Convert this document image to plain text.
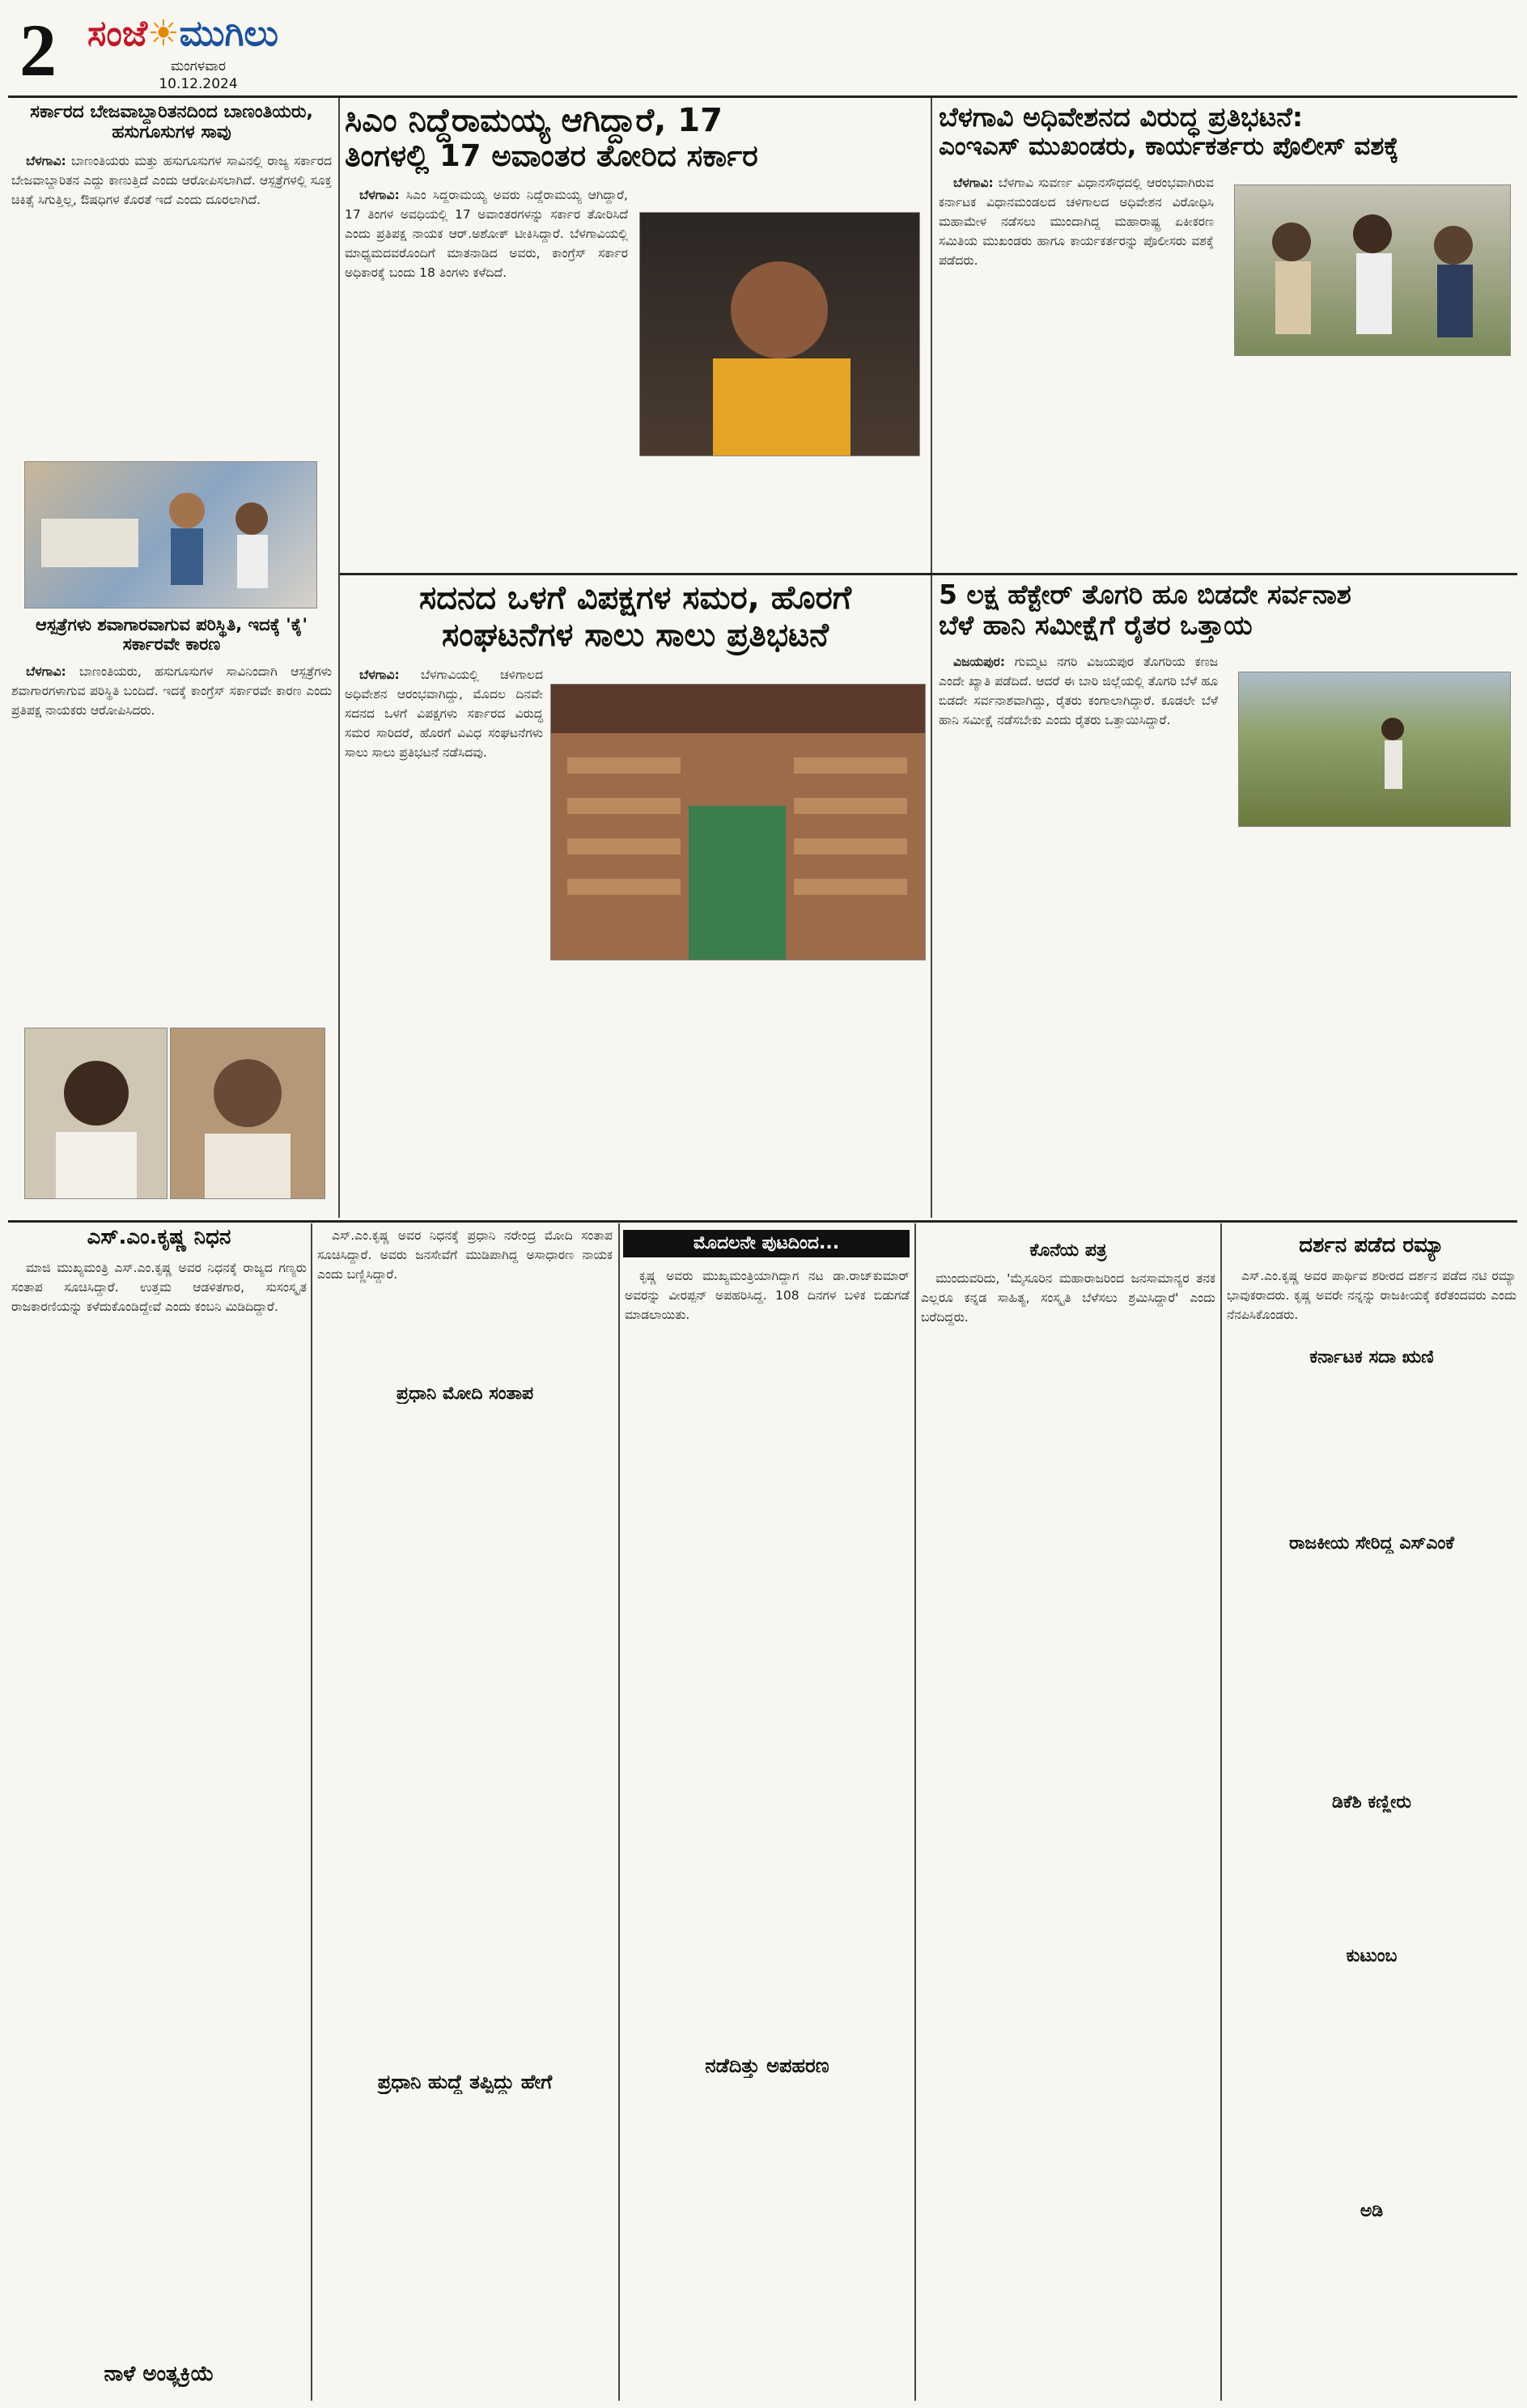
2 ಸಂಜೆ☀ಮುಗಿಲು
ಮಂಗಳವಾರ
10.12.2024
ಸರ್ಕಾರದ ಬೇಜವಾಬ್ದಾರಿತನದಿಂದ ಬಾಣಂತಿಯರು, ಹಸುಗೂಸುಗಳ ಸಾವು

ಬೆಳಗಾವಿ: ಬಾಣಂತಿಯರು ಮತ್ತು ಹಸುಗೂಸುಗಳ ಸಾವಿನಲ್ಲಿ ರಾಜ್ಯ ಸರ್ಕಾರದ ಬೇಜವಾಬ್ದಾರಿತನ ಎದ್ದು ಕಾಣುತ್ತಿದೆ ಎಂದು ಆರೋಪಿಸಲಾಗಿದೆ. ಆಸ್ಪತ್ರೆಗಳಲ್ಲಿ ಸೂಕ್ತ ಚಿಕಿತ್ಸೆ ಸಿಗುತ್ತಿಲ್ಲ, ಔಷಧಿಗಳ ಕೊರತೆ ಇದೆ ಎಂದು ದೂರಲಾಗಿದೆ.

ಆಸ್ಪತ್ರೆಗಳು ಶವಾಗಾರವಾಗುವ ಪರಿಸ್ಥಿತಿ, ಇದಕ್ಕೆ 'ಕೈ' ಸರ್ಕಾರವೇ ಕಾರಣ

ಬೆಳಗಾವಿ: ಬಾಣಂತಿಯರು, ಹಸುಗೂಸುಗಳ ಸಾವಿನಿಂದಾಗಿ ಆಸ್ಪತ್ರೆಗಳು ಶವಾಗಾರಗಳಾಗುವ ಪರಿಸ್ಥಿತಿ ಬಂದಿದೆ. ಇದಕ್ಕೆ ಕಾಂಗ್ರೆಸ್ ಸರ್ಕಾರವೇ ಕಾರಣ ಎಂದು ಪ್ರತಿಪಕ್ಷ ನಾಯಕರು ಆರೋಪಿಸಿದರು.

ಸಿಎಂ ನಿದ್ದೆರಾಮಯ್ಯ ಆಗಿದ್ದಾರೆ, 17
ತಿಂಗಳಲ್ಲಿ 17 ಅವಾಂತರ ತೋರಿದ ಸರ್ಕಾರ

ಬೆಳಗಾವಿ: ಸಿಎಂ ಸಿದ್ದರಾಮಯ್ಯ ಅವರು ನಿದ್ದೆರಾಮಯ್ಯ ಆಗಿದ್ದಾರೆ, 17 ತಿಂಗಳ ಅವಧಿಯಲ್ಲಿ 17 ಅವಾಂತರಗಳನ್ನು ಸರ್ಕಾರ ತೋರಿಸಿದೆ ಎಂದು ಪ್ರತಿಪಕ್ಷ ನಾಯಕ ಆರ್.ಅಶೋಕ್ ಟೀಕಿಸಿದ್ದಾರೆ. ಬೆಳಗಾವಿಯಲ್ಲಿ ಮಾಧ್ಯಮದವರೊಂದಿಗೆ ಮಾತನಾಡಿದ ಅವರು, ಕಾಂಗ್ರೆಸ್ ಸರ್ಕಾರ ಅಧಿಕಾರಕ್ಕೆ ಬಂದು 18 ತಿಂಗಳು ಕಳೆದಿದೆ.

ಬೆಳಗಾವಿ ಅಧಿವೇಶನದ ವಿರುದ್ಧ ಪ್ರತಿಭಟನೆ:
ಎಂಇಎಸ್ ಮುಖಂಡರು, ಕಾರ್ಯಕರ್ತರು ಪೊಲೀಸ್ ವಶಕ್ಕೆ

ಬೆಳಗಾವಿ: ಬೆಳಗಾವಿ ಸುವರ್ಣ ವಿಧಾನಸೌಧದಲ್ಲಿ ಆರಂಭವಾಗಿರುವ ಕರ್ನಾಟಕ ವಿಧಾನಮಂಡಲದ ಚಳಿಗಾಲದ ಅಧಿವೇಶನ ವಿರೋಧಿಸಿ ಮಹಾಮೇಳ ನಡೆಸಲು ಮುಂದಾಗಿದ್ದ ಮಹಾರಾಷ್ಟ್ರ ಏಕೀಕರಣ ಸಮಿತಿಯ ಮುಖಂಡರು ಹಾಗೂ ಕಾರ್ಯಕರ್ತರನ್ನು ಪೊಲೀಸರು ವಶಕ್ಕೆ ಪಡೆದರು.

ಸದನದ ಒಳಗೆ ವಿಪಕ್ಷಗಳ ಸಮರ, ಹೊರಗೆ
ಸಂಘಟನೆಗಳ ಸಾಲು ಸಾಲು ಪ್ರತಿಭಟನೆ

ಬೆಳಗಾವಿ: ಬೆಳಗಾವಿಯಲ್ಲಿ ಚಳಿಗಾಲದ ಅಧಿವೇಶನ ಆರಂಭವಾಗಿದ್ದು, ಮೊದಲ ದಿನವೇ ಸದನದ ಒಳಗೆ ವಿಪಕ್ಷಗಳು ಸರ್ಕಾರದ ವಿರುದ್ಧ ಸಮರ ಸಾರಿದರೆ, ಹೊರಗೆ ವಿವಿಧ ಸಂಘಟನೆಗಳು ಸಾಲು ಸಾಲು ಪ್ರತಿಭಟನೆ ನಡೆಸಿದವು.

5 ಲಕ್ಷ ಹೆಕ್ಟೇರ್ ತೊಗರಿ ಹೂ ಬಿಡದೇ ಸರ್ವನಾಶ
ಬೆಳೆ ಹಾನಿ ಸಮೀಕ್ಷೆಗೆ ರೈತರ ಒತ್ತಾಯ

ವಿಜಯಪುರ: ಗುಮ್ಮಟ ನಗರಿ ವಿಜಯಪುರ ತೊಗರಿಯ ಕಣಜ ಎಂದೇ ಖ್ಯಾತಿ ಪಡೆದಿದೆ. ಆದರೆ ಈ ಬಾರಿ ಜಿಲ್ಲೆಯಲ್ಲಿ ತೊಗರಿ ಬೆಳೆ ಹೂ ಬಿಡದೇ ಸರ್ವನಾಶವಾಗಿದ್ದು, ರೈತರು ಕಂಗಾಲಾಗಿದ್ದಾರೆ. ಕೂಡಲೇ ಬೆಳೆ ಹಾನಿ ಸಮೀಕ್ಷೆ ನಡೆಸಬೇಕು ಎಂದು ರೈತರು ಒತ್ತಾಯಿಸಿದ್ದಾರೆ.

ಎಸ್.ಎಂ.ಕೃಷ್ಣ ನಿಧನ

ಮಾಜಿ ಮುಖ್ಯಮಂತ್ರಿ ಎಸ್.ಎಂ.ಕೃಷ್ಣ ಅವರ ನಿಧನಕ್ಕೆ ರಾಜ್ಯದ ಗಣ್ಯರು ಸಂತಾಪ ಸೂಚಿಸಿದ್ದಾರೆ. ಉತ್ತಮ ಆಡಳಿತಗಾರ, ಸುಸಂಸ್ಕೃತ ರಾಜಕಾರಣಿಯನ್ನು ಕಳೆದುಕೊಂಡಿದ್ದೇವೆ ಎಂದು ಕಂಬನಿ ಮಿಡಿದಿದ್ದಾರೆ.

ನಾಳೆ ಅಂತ್ಯಕ್ರಿಯೆ

ಎಸ್.ಎಂ.ಕೃಷ್ಣ ಅವರ ನಿಧನಕ್ಕೆ ಪ್ರಧಾನಿ ನರೇಂದ್ರ ಮೋದಿ ಸಂತಾಪ ಸೂಚಿಸಿದ್ದಾರೆ. ಅವರು ಜನಸೇವೆಗೆ ಮುಡಿಪಾಗಿದ್ದ ಅಸಾಧಾರಣ ನಾಯಕ ಎಂದು ಬಣ್ಣಿಸಿದ್ದಾರೆ.

ಪ್ರಧಾನಿ ಮೋದಿ ಸಂತಾಪ
ಪ್ರಧಾನಿ ಹುದ್ದೆ ತಪ್ಪಿದ್ದು ಹೇಗೆ
ಮೊದಲನೇ ಪುಟದಿಂದ...

ಕೃಷ್ಣ ಅವರು ಮುಖ್ಯಮಂತ್ರಿಯಾಗಿದ್ದಾಗ ನಟ ಡಾ.ರಾಜ್‌ಕುಮಾರ್ ಅವರನ್ನು ವೀರಪ್ಪನ್ ಅಪಹರಿಸಿದ್ದ. 108 ದಿನಗಳ ಬಳಿಕ ಬಿಡುಗಡೆ ಮಾಡಲಾಯಿತು.

ನಡೆದಿತ್ತು ಅಪಹರಣ
ಕೊನೆಯ ಪತ್ರ

ಮುಂದುವರಿದು, 'ಮೈಸೂರಿನ ಮಹಾರಾಜರಿಂದ ಜನಸಾಮಾನ್ಯರ ತನಕ ಎಲ್ಲರೂ ಕನ್ನಡ ಸಾಹಿತ್ಯ, ಸಂಸ್ಕೃತಿ ಬೆಳೆಸಲು ಶ್ರಮಿಸಿದ್ದಾರೆ' ಎಂದು ಬರೆದಿದ್ದರು.

ದರ್ಶನ ಪಡೆದ ರಮ್ಯಾ

ಎಸ್.ಎಂ.ಕೃಷ್ಣ ಅವರ ಪಾರ್ಥಿವ ಶರೀರದ ದರ್ಶನ ಪಡೆದ ನಟಿ ರಮ್ಯಾ ಭಾವುಕರಾದರು. ಕೃಷ್ಣ ಅವರೇ ನನ್ನನ್ನು ರಾಜಕೀಯಕ್ಕೆ ಕರೆತಂದವರು ಎಂದು ನೆನಪಿಸಿಕೊಂಡರು.

ಕರ್ನಾಟಕ ಸದಾ ಋಣಿ
ರಾಜಕೀಯ ಸೇರಿದ್ದ ಎಸ್‌ಎಂಕೆ
ಡಿಕೆಶಿ ಕಣ್ಣೀರು
ಕುಟುಂಬ
ಅಡಿ
